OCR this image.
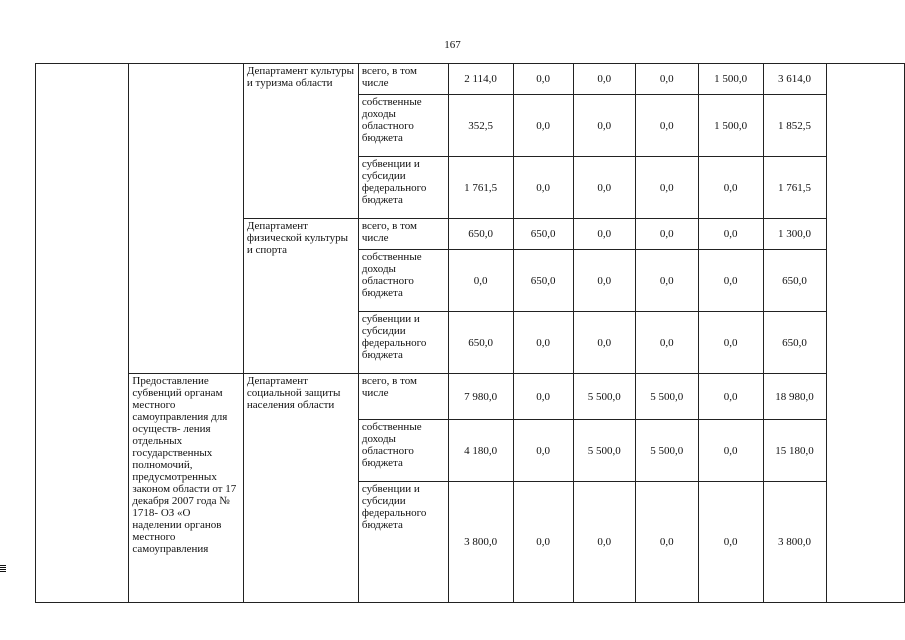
167
		Департамент культуры и туризма области	всего, в том числе	2 114,0	0,0	0,0	0,0	1 500,0	3 614,0	
			собственные доходы областного бюджета	352,5	0,0	0,0	0,0	1 500,0	1 852,5	
			субвенции и субсидии федерального бюджета	1 761,5	0,0	0,0	0,0	0,0	1 761,5	
		Департамент физической культуры и спорта	всего, в том числе	650,0	650,0	0,0	0,0	0,0	1 300,0	
			собственные доходы областного бюджета	0,0	650,0	0,0	0,0	0,0	650,0	
			субвенции и субсидии федерального бюджета	650,0	0,0	0,0	0,0	0,0	650,0	
	Предоставление субвенций органам местного самоуправления для осуществ- ления отдельных государственных полномочий, предусмотренных законом области от 17 декабря 2007 года № 1718- ОЗ «О наделении органов местного самоуправления	Департамент социальной защиты населения области	всего, в том числе	7 980,0	0,0	5 500,0	5 500,0	0,0	18 980,0	
			собственные доходы областного бюджета	4 180,0	0,0	5 500,0	5 500,0	0,0	15 180,0	
			субвенции и субсидии федерального бюджета	3 800,0	0,0	0,0	0,0	0,0	3 800,0	
